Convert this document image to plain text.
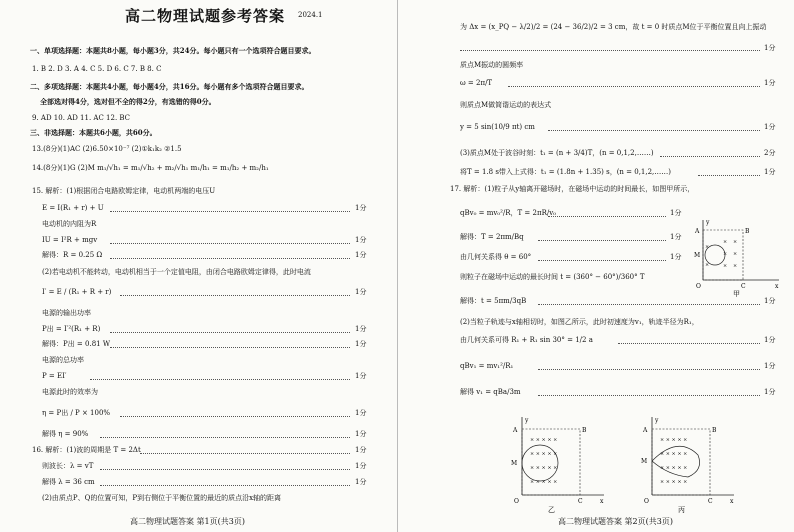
高二物理试题参考答案 2024.1
一、单项选择题：本题共8小题，每小题3分，共24分。每小题只有一个选项符合题目要求。
1. B 2. D 3. A 4. C 5. D 6. C 7. B 8. C
二、多项选择题：本题共4小题，每小题4分，共16分。每小题有多个选项符合题目要求。
全部选对得4分，选对但不全的得2分，有选错的得0分。
9. AD 10. AD 11. AC 12. BC
三、非选择题：本题共6小题，共60分。
13.(8分)(1)AC (2)6.50×10⁻⁷ (2)①k₁k₂ ②1.5
14.(8分)(1)G (2)M m₁/√h₁ = m₁/√h₂ + m₂/√h₁ m₁/h₁ = m₁/h₂ + m₂/h₁
15. 解析：(1)根据闭合电路欧姆定律，电动机两端的电压U
E = I(R₁ + r) + U	1分
电动机的内阻为R
IU = I²R + mgv	1分
解得：R = 0.25 Ω	1分
(2)若电动机不能转动，电动机相当于一个定值电阻，由闭合电路欧姆定律得，此时电流
I′ = E / (R₁ + R + r)	1分
电源的输出功率
P出 = I′²(R₁ + R)	1分
解得：P出 = 0.81 W	1分
电源的总功率
P = EI′	1分
电源此时的效率为
η = P出 / P × 100%	1分
解得 η = 90%	1分
16. 解析：(1)波的周期是 T = 2Δt	1分
则波长：λ = vT	1分
解得 λ = 36 cm	1分
(2)由质点P、Q的位置可知，P到右侧位于平衡位置的最近的质点沿x轴的距离
高二物理试题答案 第1页(共3页)
为 Δx = (x_PQ − λ/2)/2 = (24 − 36/2)/2 = 3 cm，故 t = 0 时质点M位于平衡位置且向上振动
1分
质点M振动的圆频率
ω = 2π/T	1分
则质点M做简谐运动的表达式
y = 5 sin(10/9 πt) cm	1分
(3)质点M处于波谷时刻：t₁ = (n + 3/4)T，(n = 0,1,2,……)	2分
将T = 1.8 s带入上式得：t₁ = (1.8n + 1.35) s，(n = 0,1,2,……)	1分
17. 解析：(1)粒子从y轴离开磁场时，在磁场中运动的时间最长，如图甲所示，
qBv₀ = mv₀²/R，T = 2πR/v₀	1分
解得：T = 2πm/Bq	1分
由几何关系得 θ = 60°	1分
则粒子在磁场中运动的最长时间 t = (360° − 60°)/360° T
解得：t = 5πm/3qB	1分
(2)当粒子轨迹与x轴相切时，如图乙所示，此时初速度为v₁，轨迹半径为R₁，
由几何关系可得 R₁ + R₁ sin 30° = 1/2 a	1分
qBv₁ = mv₁²/R₁	1分
解得 v₁ = qBa/3m	1分
× ×
× ×
× ×
×
×
O	x
y
A	B
C
M
甲
× × × × ×
× × × × ×
× × × × ×
× × × × ×
O	x
y
A	B
C
M
乙
× × × × ×
× × × × ×
× × × × ×
× × × × ×
O	x
y
A	B
C
M
丙
高二物理试题答案 第2页(共3页)
